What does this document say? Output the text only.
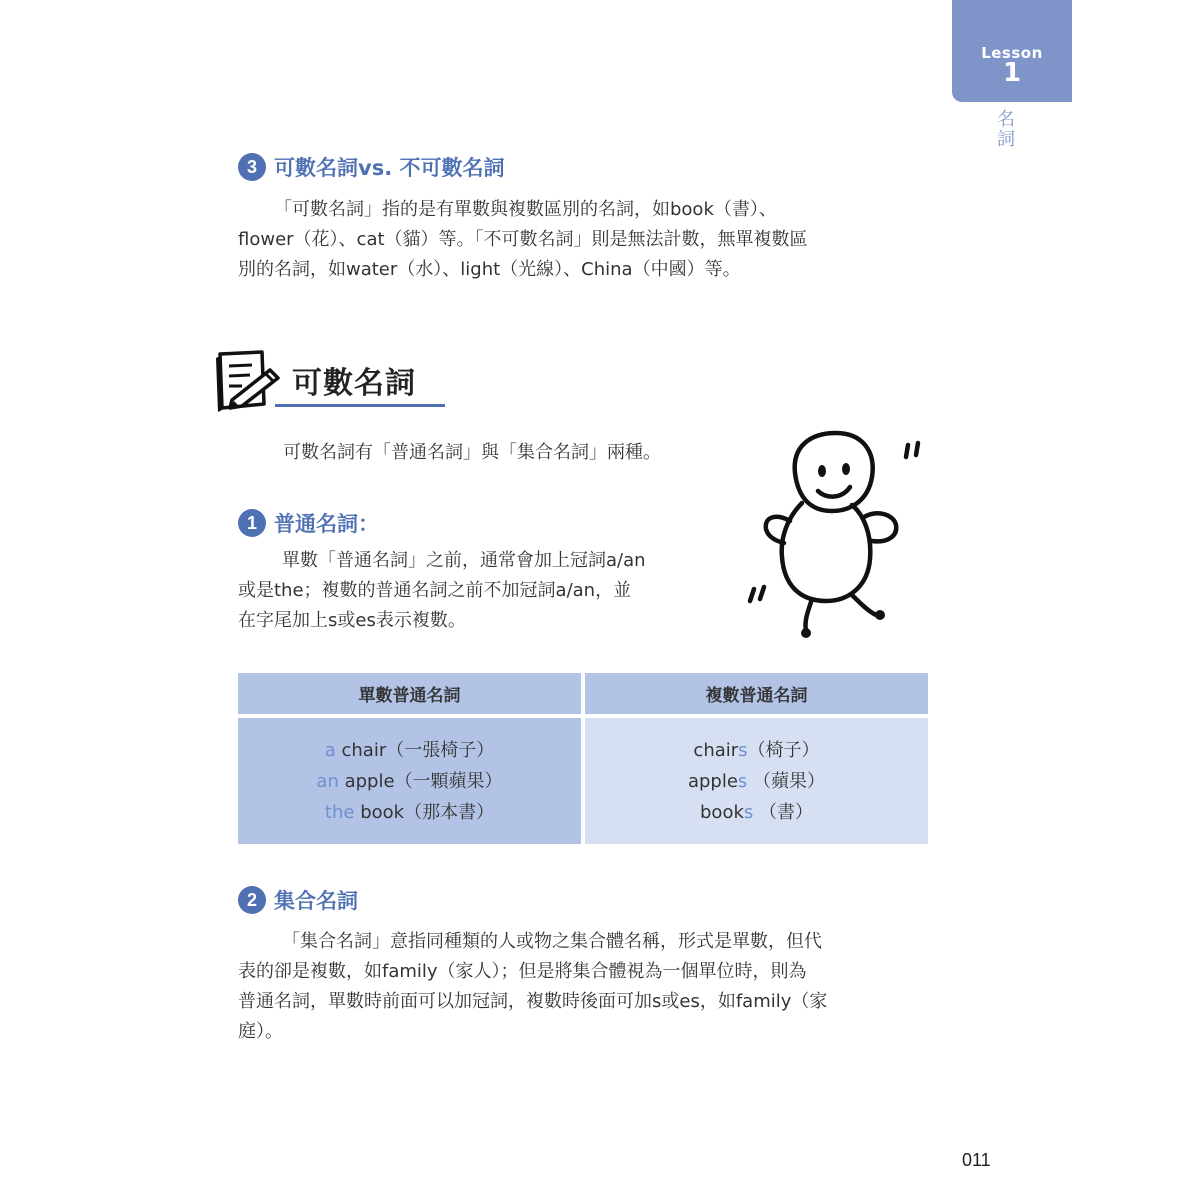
Lesson
1
名
詞
3 可數名詞vs. 不可數名詞

「可數名詞」指的是有單數與複數區別的名詞，如book（書）、

flower（花）、cat（貓）等。「不可數名詞」則是無法計數，無單複數區

別的名詞，如water（水）、light（光線）、China（中國）等。

可數名詞
可數名詞有「普通名詞」與「集合名詞」兩種。
1 普通名詞：

單數「普通名詞」之前，通常會加上冠詞a/an

或是the；複數的普通名詞之前不加冠詞a/an，並

在字尾加上s或es表示複數。

單數普通名詞	複數普通名詞
a chair（一張椅子）
an apple（一顆蘋果）
the book（那本書）
chairs（椅子）
apples （蘋果）
books （書）
2 集合名詞

「集合名詞」意指同種類的人或物之集合體名稱，形式是單數，但代

表的卻是複數，如family（家人）；但是將集合體視為一個單位時，則為

普通名詞，單數時前面可以加冠詞，複數時後面可加s或es，如family（家

庭）。

011
